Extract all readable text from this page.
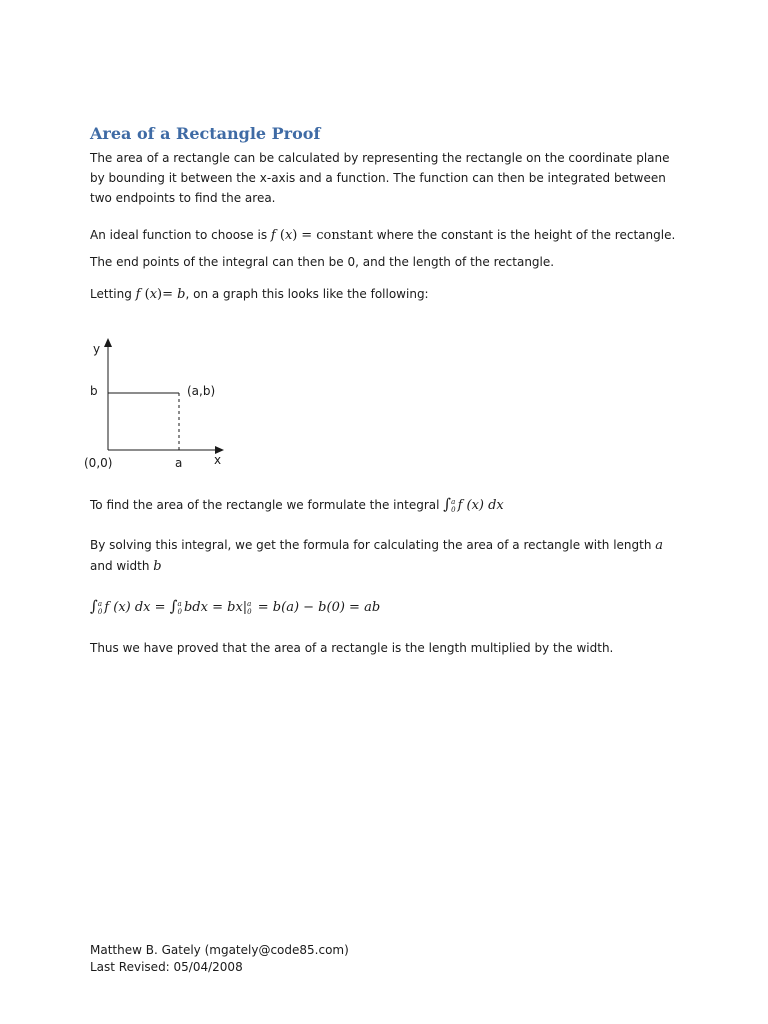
Area of a Rectangle Proof

The area of a rectangle can be calculated by representing the rectangle on the coordinate plane by bounding it between the x-axis and a function. The function can then be integrated between two endpoints to find the area.

An ideal function to choose is f (x) = constant where the constant is the height of the rectangle. The end points of the integral can then be 0, and the length of the rectangle.

Letting f (x)= b, on a graph this looks like the following:

y
x
b
a
(0,0)
(a,b)

To find the area of the rectangle we formulate the integral ∫ a
0 f (x) dx

By solving this integral, we get the formula for calculating the area of a rectangle with length a and width b

∫ a
0 f (x) dx = ∫ a
0 bdx = bx| a
0 = b(a) − b(0) = ab

Thus we have proved that the area of a rectangle is the length multiplied by the width.

Matthew B. Gately (mgately@code85.com)
Last Revised: 05/04/2008
